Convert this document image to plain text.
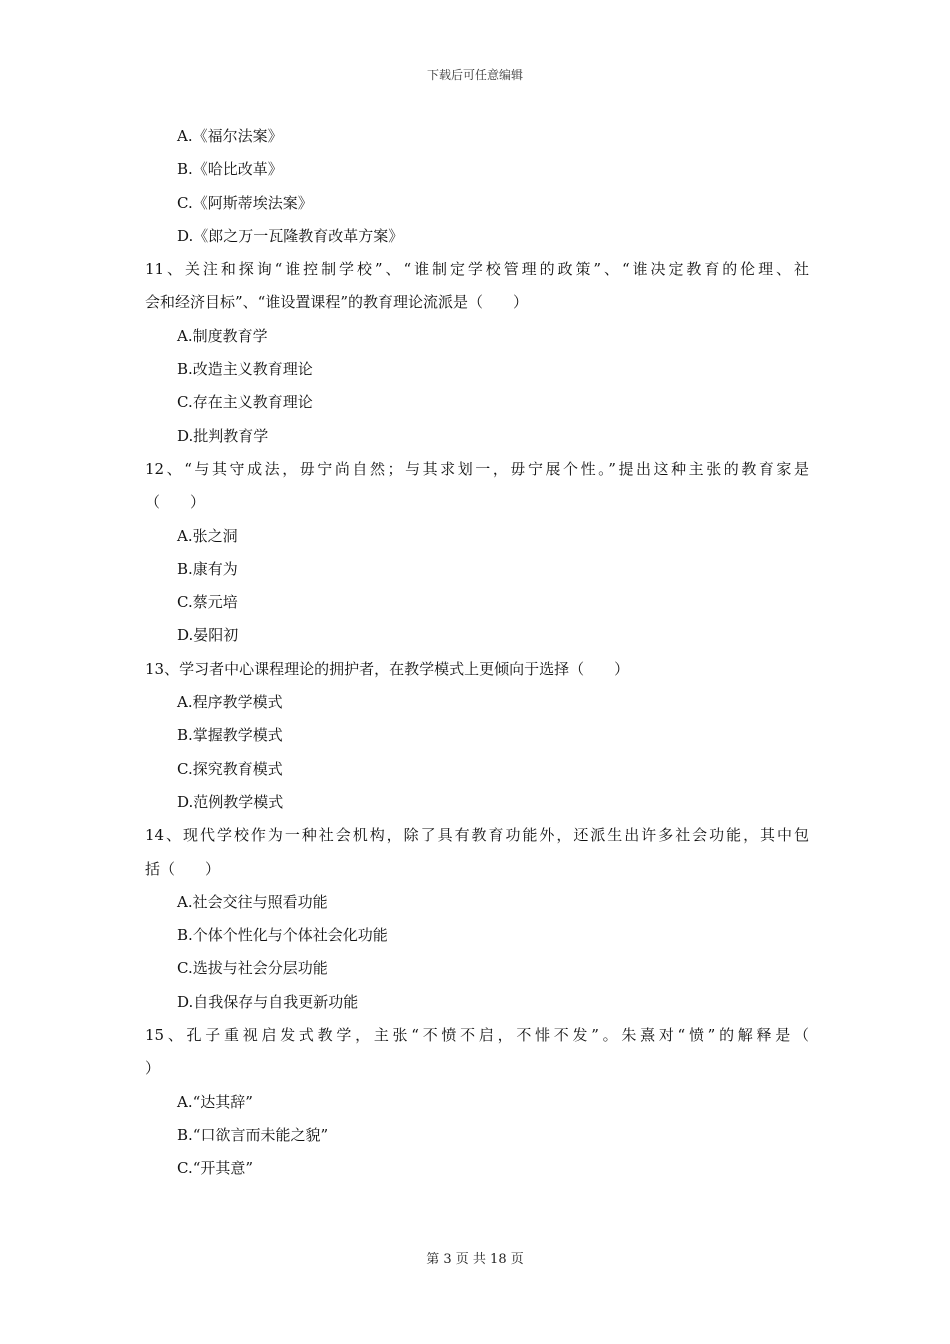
下载后可任意编辑
A.《福尔法案》
B.《哈比改革》
C.《阿斯蒂埃法案》
D.《郎之万一瓦隆教育改革方案》
11、关注和探询“谁控制学校”、“谁制定学校管理的政策”、“谁决定教育的伦理、社
会和经济目标”、“谁设置课程”的教育理论流派是（　　）
A.制度教育学
B.改造主义教育理论
C.存在主义教育理论
D.批判教育学
12、“与其守成法，毋宁尚自然；与其求划一，毋宁展个性。”提出这种主张的教育家是
（　　）
A.张之洞
B.康有为
C.蔡元培
D.晏阳初
13、学习者中心课程理论的拥护者，在教学模式上更倾向于选择（　　）
A.程序教学模式
B.掌握教学模式
C.探究教育模式
D.范例教学模式
14、现代学校作为一种社会机构，除了具有教育功能外，还派生出许多社会功能，其中包
括（　　）
A.社会交往与照看功能
B.个体个性化与个体社会化功能
C.选拔与社会分层功能
D.自我保存与自我更新功能
15、孔子重视启发式教学，主张“不愤不启，不悱不发”。朱熹对“愤”的解释是（
）
A.“达其辞”
B.“口欲言而未能之貌”
C.“开其意”
第 3 页 共 18 页
